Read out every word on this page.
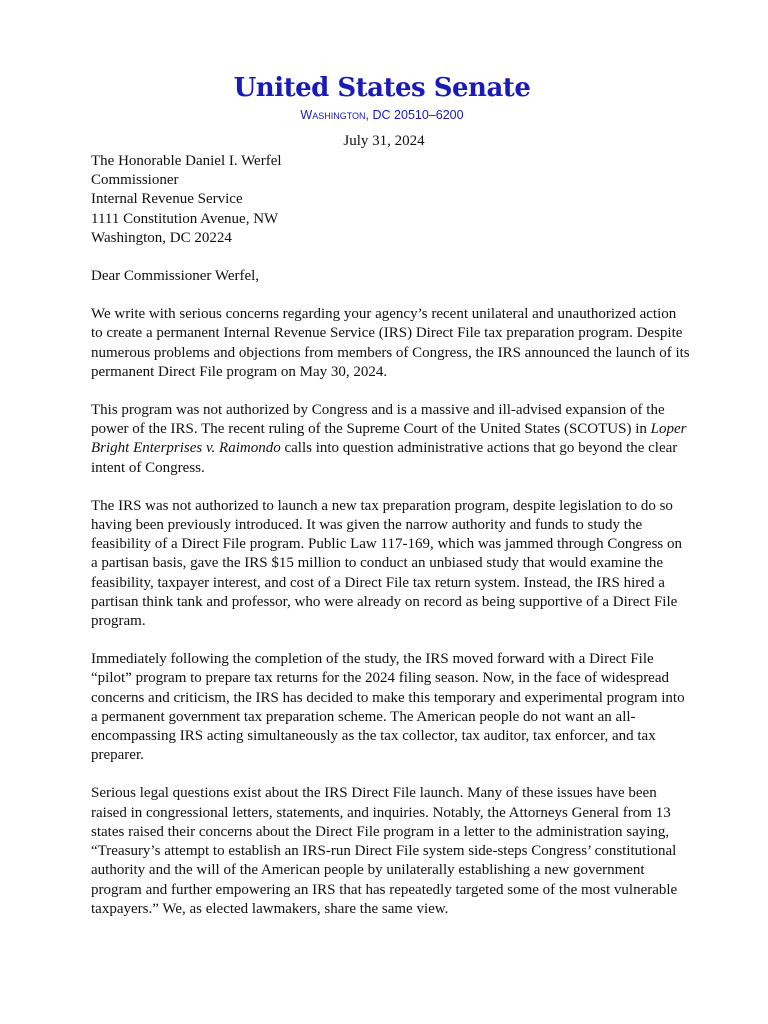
United States Senate
Washington, DC 20510–6200
July 31, 2024
The Honorable Daniel I. Werfel
Commissioner
Internal Revenue Service
1111 Constitution Avenue, NW
Washington, DC 20224
Dear Commissioner Werfel,

We write with serious concerns regarding your agency’s recent unilateral and unauthorized action to create a permanent Internal Revenue Service (IRS) Direct File tax preparation program. Despite numerous problems and objections from members of Congress, the IRS announced the launch of its permanent Direct File program on May 30, 2024.

This program was not authorized by Congress and is a massive and ill-advised expansion of the power of the IRS. The recent ruling of the Supreme Court of the United States (SCOTUS) in Loper Bright Enterprises v. Raimondo calls into question administrative actions that go beyond the clear intent of Congress.

The IRS was not authorized to launch a new tax preparation program, despite legislation to do so having been previously introduced. It was given the narrow authority and funds to study the feasibility of a Direct File program. Public Law 117-169, which was jammed through Congress on a partisan basis, gave the IRS $15 million to conduct an unbiased study that would examine the feasibility, taxpayer interest, and cost of a Direct File tax return system. Instead, the IRS hired a partisan think tank and professor, who were already on record as being supportive of a Direct File program.

Immediately following the completion of the study, the IRS moved forward with a Direct File “pilot” program to prepare tax returns for the 2024 filing season. Now, in the face of widespread concerns and criticism, the IRS has decided to make this temporary and experimental program into a permanent government tax preparation scheme. The American people do not want an all-encompassing IRS acting simultaneously as the tax collector, tax auditor, tax enforcer, and tax preparer.

Serious legal questions exist about the IRS Direct File launch. Many of these issues have been raised in congressional letters, statements, and inquiries. Notably, the Attorneys General from 13 states raised their concerns about the Direct File program in a letter to the administration saying, “Treasury’s attempt to establish an IRS-run Direct File system side-steps Congress’ constitutional authority and the will of the American people by unilaterally establishing a new government program and further empowering an IRS that has repeatedly targeted some of the most vulnerable taxpayers.” We, as elected lawmakers, share the same view.
